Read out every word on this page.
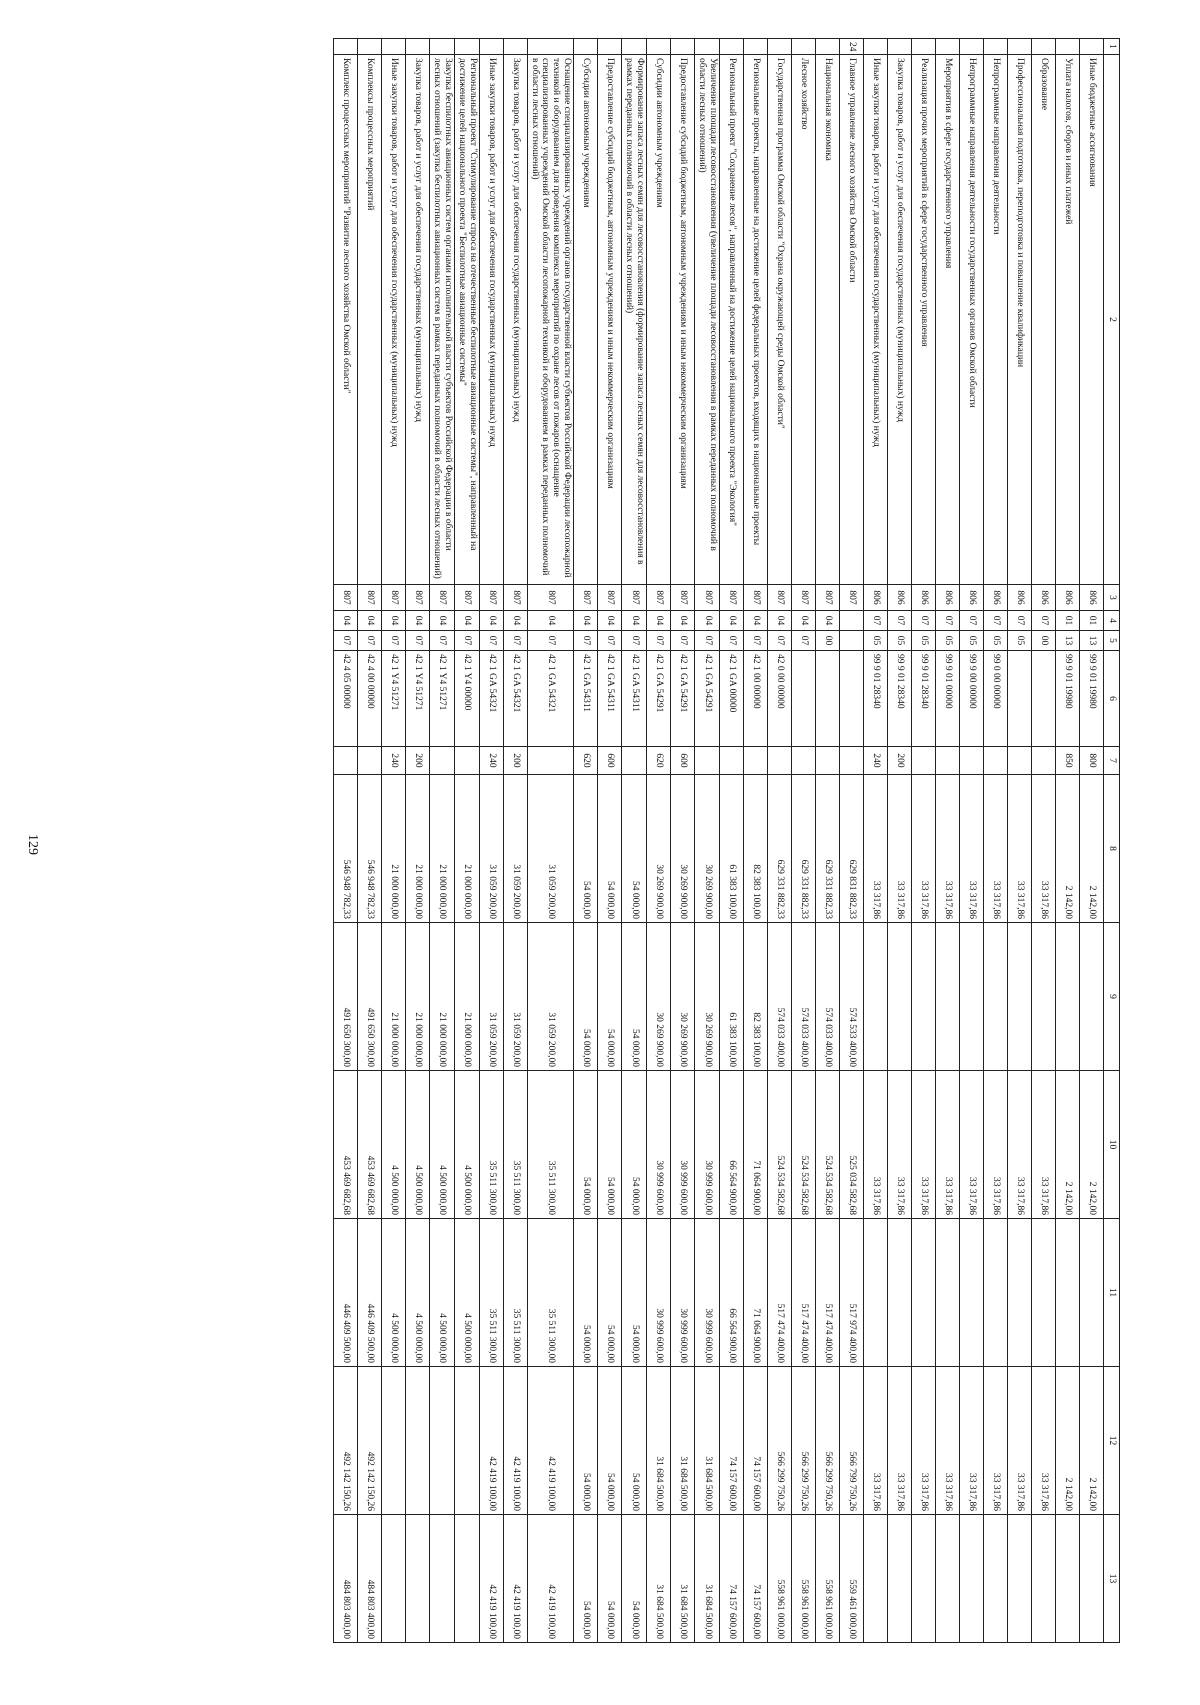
129
1	2	3	4	5	6	7	8	9	10	11	12	13
	Иные бюджетные ассигнования	806	01	13	99 9 01 19980	800	2 142,00		2 142,00		2 142,00	
	Уплата налогов, сборов и иных платежей	806	01	13	99 9 01 19980	850	2 142,00		2 142,00		2 142,00	
	Образование	806	07	00			33 317,86		33 317,86		33 317,86	
	Профессиональная подготовка, переподготовка и повышение квалификации	806	07	05			33 317,86		33 317,86		33 317,86	
	Непрограммные направления деятельности	806	07	05	99 0 00 00000		33 317,86		33 317,86		33 317,86	
	Непрограммные направления деятельности государственных органов Омской области	806	07	05	99 9 00 00000		33 317,86		33 317,86		33 317,86	
	Мероприятия в сфере государственного управления	806	07	05	99 9 01 00000		33 317,86		33 317,86		33 317,86	
	Реализация прочих мероприятий в сфере государственного управления	806	07	05	99 9 01 28340		33 317,86		33 317,86		33 317,86	
	Закупка товаров, работ и услуг для обеспечения государственных (муниципальных) нужд	806	07	05	99 9 01 28340	200	33 317,86		33 317,86		33 317,86	
	Иные закупки товаров, работ и услуг для обеспечения государственных (муниципальных) нужд	806	07	05	99 9 01 28340	240	33 317,86		33 317,86		33 317,86	
24	Главное управление лесного хозяйства Омской области	807					629 831 882,33	574 533 400,00	525 034 582,68	517 974 400,00	566 799 750,26	559 461 000,00
	Национальная экономика	807	04	00			629 331 882,33	574 033 400,00	524 534 582,68	517 474 400,00	566 299 750,26	558 961 000,00
	Лесное хозяйство	807	04	07			629 331 882,33	574 033 400,00	524 534 582,68	517 474 400,00	566 299 750,26	558 961 000,00
	Государственная программа Омской области "Охрана окружающей среды Омской области"	807	04	07	42 0 00 00000		629 331 882,33	574 033 400,00	524 534 582,68	517 474 400,00	566 299 750,26	558 961 000,00
	Региональные проекты, направленные на достижение целей федеральных проектов, входящих в национальные проекты	807	04	07	42 1 00 00000		82 383 100,00	82 383 100,00	71 064 900,00	71 064 900,00	74 157 600,00	74 157 600,00
	Региональный проект "Сохранение лесов", направленный на достижение целей национального проекта "Экология"	807	04	07	42 1 GA 00000		61 383 100,00	61 383 100,00	66 564 900,00	66 564 900,00	74 157 600,00	74 157 600,00
	Увеличение площади лесовосстановления (увеличение площади лесовосстановления в рамках переданных полномочий в области лесных отношений)	807	04	07	42 1 GA 54291		30 269 900,00	30 269 900,00	30 999 600,00	30 999 600,00	31 684 500,00	31 684 500,00
	Предоставление субсидий бюджетным, автономным учреждениям и иным некоммерческим организациям	807	04	07	42 1 GA 54291	600	30 269 900,00	30 269 900,00	30 999 600,00	30 999 600,00	31 684 500,00	31 684 500,00
	Субсидии автономным учреждениям	807	04	07	42 1 GA 54291	620	30 269 900,00	30 269 900,00	30 999 600,00	30 999 600,00	31 684 500,00	31 684 500,00
	Формирование запаса лесных семян для лесовосстановления (формирование запаса лесных семян для лесовосстановления в рамках переданных полномочий в области лесных отношений)	807	04	07	42 1 GA 54311		54 000,00	54 000,00	54 000,00	54 000,00	54 000,00	54 000,00
	Предоставление субсидий бюджетным, автономным учреждениям и иным некоммерческим организациям	807	04	07	42 1 GA 54311	600	54 000,00	54 000,00	54 000,00	54 000,00	54 000,00	54 000,00
	Субсидии автономным учреждениям	807	04	07	42 1 GA 54311	620	54 000,00	54 000,00	54 000,00	54 000,00	54 000,00	54 000,00
	Оснащение специализированных учреждений органов государственной власти субъектов Российской Федерации лесопожарной техникой и оборудованием для проведения комплекса мероприятий по охране лесов от пожаров (оснащение специализированных учреждений Омской области лесопожарной техникой и оборудованием в рамках переданных полномочий в области лесных отношений)	807	04	07	42 1 GA 54321		31 059 200,00	31 059 200,00	35 511 300,00	35 511 300,00	42 419 100,00	42 419 100,00
	Закупка товаров, работ и услуг для обеспечения государственных (муниципальных) нужд	807	04	07	42 1 GA 54321	200	31 059 200,00	31 059 200,00	35 511 300,00	35 511 300,00	42 419 100,00	42 419 100,00
	Иные закупки товаров, работ и услуг для обеспечения государственных (муниципальных) нужд	807	04	07	42 1 GA 54321	240	31 059 200,00	31 059 200,00	35 511 300,00	35 511 300,00	42 419 100,00	42 419 100,00
	Региональный проект "Стимулирование спроса на отечественные беспилотные авиационные системы", направленный на достижение целей национального проекта "Беспилотные авиационные системы"	807	04	07	42 1 Y4 00000		21 000 000,00	21 000 000,00	4 500 000,00	4 500 000,00		
	Закупка беспилотных авиационных систем органами исполнительной власти субъектов Российской Федерации в области лесных отношений (закупка беспилотных авиационных систем в рамках переданных полномочий в области лесных отношений)	807	04	07	42 1 Y4 51271		21 000 000,00	21 000 000,00	4 500 000,00	4 500 000,00		
	Закупка товаров, работ и услуг для обеспечения государственных (муниципальных) нужд	807	04	07	42 1 Y4 51271	200	21 000 000,00	21 000 000,00	4 500 000,00	4 500 000,00		
	Иные закупки товаров, работ и услуг для обеспечения государственных (муниципальных) нужд	807	04	07	42 1 Y4 51271	240	21 000 000,00	21 000 000,00	4 500 000,00	4 500 000,00		
	Комплексы процессных мероприятий	807	04	07	42 4 00 00000		546 948 782,33	491 650 300,00	453 469 682,68	446 409 500,00	492 142 150,26	484 803 400,00
	Комплекс процессных мероприятий "Развитие лесного хозяйства Омской области"	807	04	07	42 4 05 00000		546 948 782,33	491 650 300,00	453 469 682,68	446 409 500,00	492 142 150,26	484 803 400,00
